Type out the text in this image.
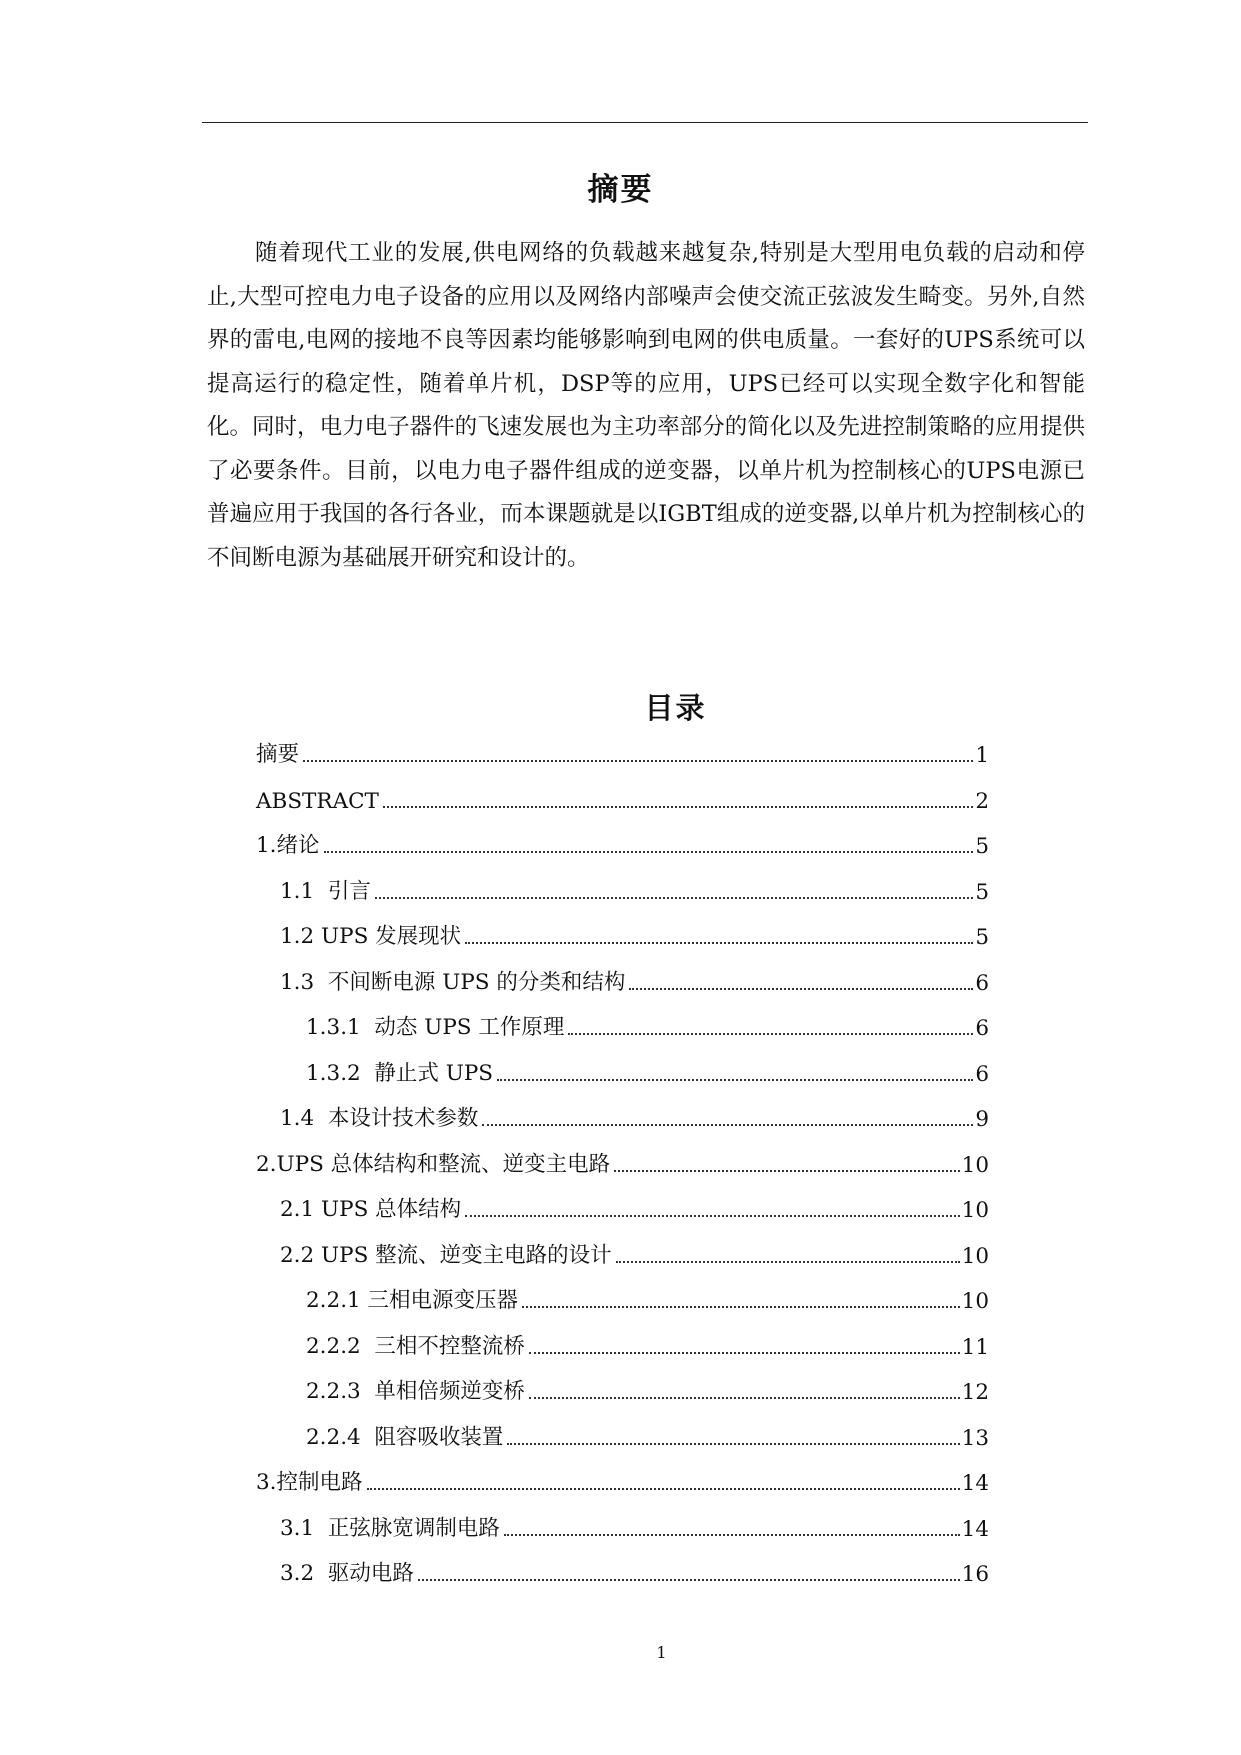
摘要

随着现代工业的发展,供电网络的负载越来越复杂,特别是大型用电负载的启动和停止,大型可控电力电子设备的应用以及网络内部噪声会使交流正弦波发生畸变。另外,自然界的雷电,电网的接地不良等因素均能够影响到电网的供电质量。一套好的UPS系统可以提高运行的稳定性，随着单片机，DSP等的应用，UPS已经可以实现全数字化和智能化。同时，电力电子器件的飞速发展也为主功率部分的简化以及先进控制策略的应用提供了必要条件。目前，以电力电子器件组成的逆变器，以单片机为控制核心的UPS电源已普遍应用于我国的各行各业，而本课题就是以IGBT组成的逆变器,以单片机为控制核心的不间断电源为基础展开研究和设计的。

目录
摘要	1
ABSTRACT	2
1.绪论	5
1.1  引言	5
1.2 UPS 发展现状	5
1.3  不间断电源 UPS 的分类和结构	6
1.3.1  动态 UPS 工作原理	6
1.3.2  静止式 UPS	6
1.4  本设计技术参数	9
2.UPS 总体结构和整流、逆变主电路	10
2.1 UPS 总体结构	10
2.2 UPS 整流、逆变主电路的设计	10
2.2.1 三相电源变压器	10
2.2.2  三相不控整流桥	11
2.2.3  单相倍频逆变桥	12
2.2.4  阻容吸收装置	13
3.控制电路	14
3.1  正弦脉宽调制电路	14
3.2  驱动电路	16
1
